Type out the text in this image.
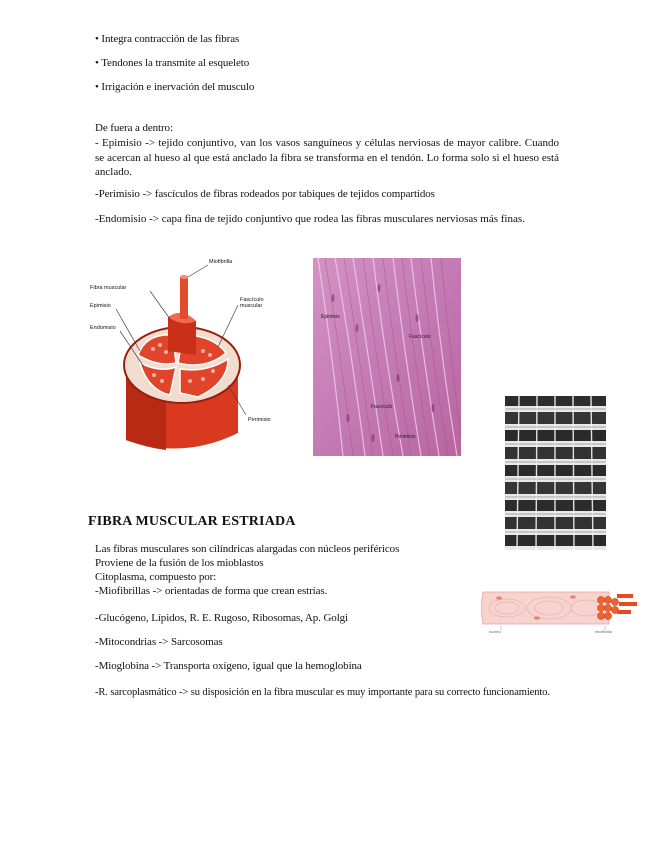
• Integra contracción de las fibras
• Tendones la transmite al esqueleto
• Irrigación e inervación del musculo
De fuera a dentro:
- Epimisio -> tejido conjuntivo, van los vasos sanguíneos y células nerviosas de mayor calibre. Cuando se acercan al hueso al que está anclado la fibra se transforma en el tendón. Lo forma solo si el hueso está anclado.
-Perimisio -> fascículos de fibras rodeados por tabiques de tejidos compartidos
-Endomisio -> capa fina de tejido conjuntivo que rodea las fibras musculares nerviosas más finas.
Miofibrilla
Fibra muscular
Epimisio
Endomisio
Fascículo
muscular
Perimisio
Epimisio
Fascículo
Fascículo
Perimisio
FIBRA MUSCULAR ESTRIADA
Las fibras musculares son cilíndricas alargadas con núcleos periféricos
Proviene de la fusión de los mioblastos
Citoplasma, compuesto por:
-Miofibrillas -> orientadas de forma que crean estrías.
núcleo	miofibrilla
-Glucógeno, Lípidos, R. E. Rugoso, Ribosomas, Ap. Golgi
-Mitocondrias -> Sarcosomas
-Mioglobina -> Transporta oxígeno, igual que la hemoglobina
-R. sarcoplasmático -> su disposición en la fibra muscular es muy importante para su correcto funcionamiento.
